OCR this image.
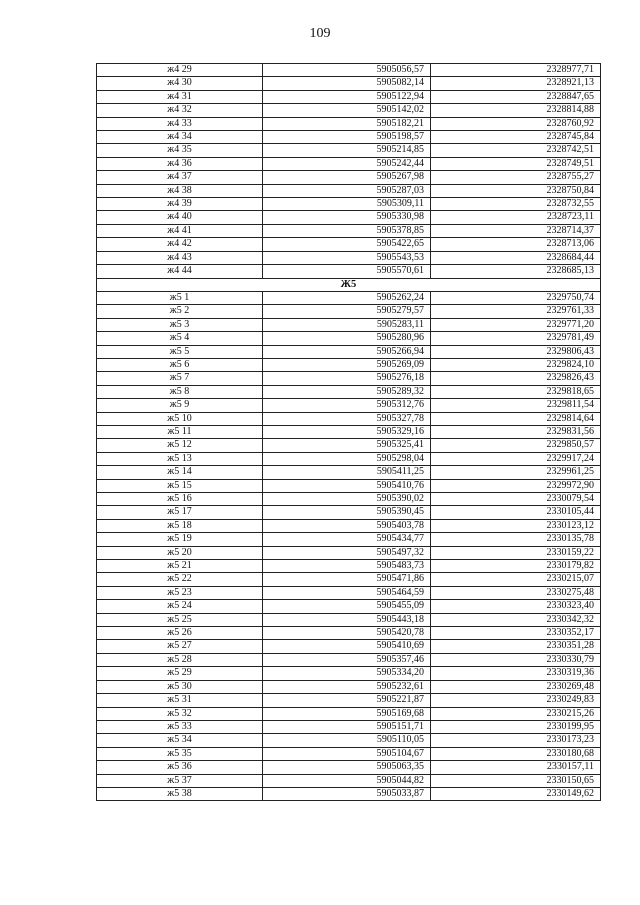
109
ж4 29	5905056,57	2328977,71
ж4 30	5905082,14	2328921,13
ж4 31	5905122,94	2328847,65
ж4 32	5905142,02	2328814,88
ж4 33	5905182,21	2328760,92
ж4 34	5905198,57	2328745,84
ж4 35	5905214,85	2328742,51
ж4 36	5905242,44	2328749,51
ж4 37	5905267,98	2328755,27
ж4 38	5905287,03	2328750,84
ж4 39	5905309,11	2328732,55
ж4 40	5905330,98	2328723,11
ж4 41	5905378,85	2328714,37
ж4 42	5905422,65	2328713,06
ж4 43	5905543,53	2328684,44
ж4 44	5905570,61	2328685,13
Ж5		
ж5 1	5905262,24	2329750,74
ж5 2	5905279,57	2329761,33
ж5 3	5905283,11	2329771,20
ж5 4	5905280,96	2329781,49
ж5 5	5905266,94	2329806,43
ж5 6	5905269,09	2329824,10
ж5 7	5905276,18	2329826,43
ж5 8	5905289,32	2329818,65
ж5 9	5905312,76	2329811,54
ж5 10	5905327,78	2329814,64
ж5 11	5905329,16	2329831,56
ж5 12	5905325,41	2329850,57
ж5 13	5905298,04	2329917,24
ж5 14	5905411,25	2329961,25
ж5 15	5905410,76	2329972,90
ж5 16	5905390,02	2330079,54
ж5 17	5905390,45	2330105,44
ж5 18	5905403,78	2330123,12
ж5 19	5905434,77	2330135,78
ж5 20	5905497,32	2330159,22
ж5 21	5905483,73	2330179,82
ж5 22	5905471,86	2330215,07
ж5 23	5905464,59	2330275,48
ж5 24	5905455,09	2330323,40
ж5 25	5905443,18	2330342,32
ж5 26	5905420,78	2330352,17
ж5 27	5905410,69	2330351,28
ж5 28	5905357,46	2330330,79
ж5 29	5905334,20	2330319,36
ж5 30	5905232,61	2330269,48
ж5 31	5905221,87	2330249,83
ж5 32	5905169,68	2330215,26
ж5 33	5905151,71	2330199,95
ж5 34	5905110,05	2330173,23
ж5 35	5905104,67	2330180,68
ж5 36	5905063,35	2330157,11
ж5 37	5905044,82	2330150,65
ж5 38	5905033,87	2330149,62
